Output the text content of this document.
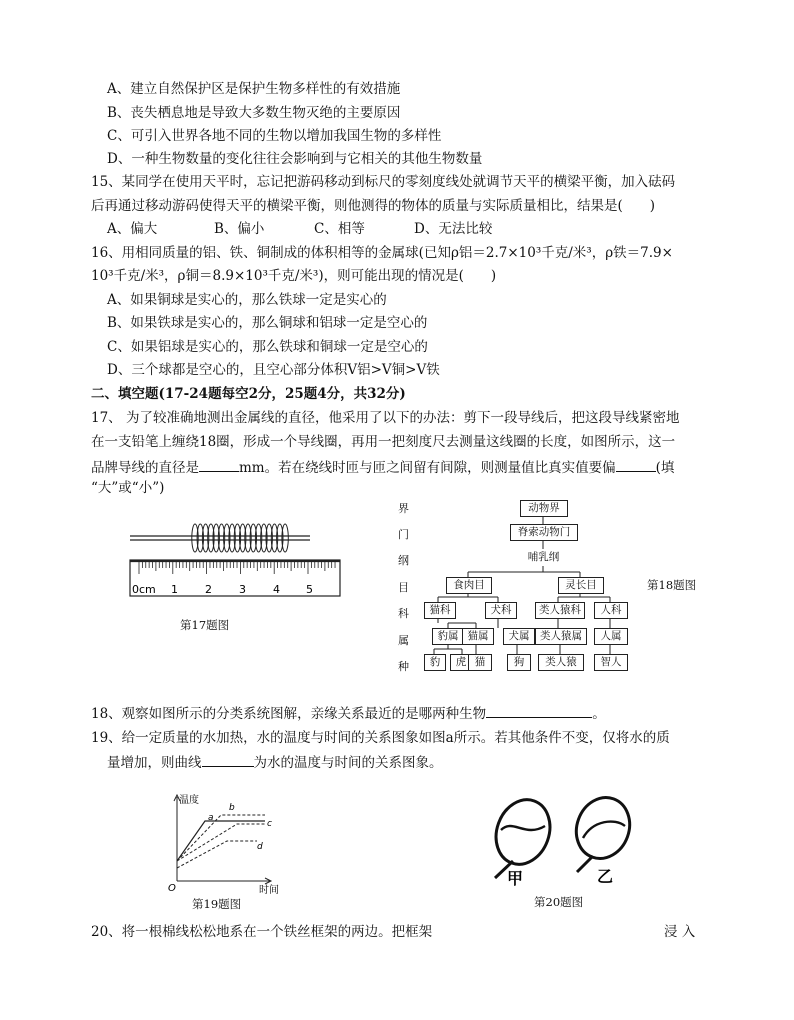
A、建立自然保护区是保护生物多样性的有效措施
B、丧失栖息地是导致大多数生物灭绝的主要原因
C、可引入世界各地不同的生物以增加我国生物的多样性
D、一种生物数量的变化往往会影响到与它相关的其他生物数量
15、某同学在使用天平时，忘记把游码移动到标尺的零刻度线处就调节天平的横梁平衡，加入砝码
后再通过移动游码使得天平的横梁平衡，则他测得的物体的质量与实际质量相比，结果是(　　)
A、偏大	B、偏小	C、相等	D、无法比较
16、用相同质量的铝、铁、铜制成的体积相等的金属球(已知ρ铝＝2.7×10³千克/米³，ρ铁＝7.9×
10³千克/米³，ρ铜＝8.9×10³千克/米³)，则可能出现的情况是(　　)
A、如果铜球是实心的，那么铁球一定是实心的
B、如果铁球是实心的，那么铜球和铝球一定是空心的
C、如果铝球是实心的，那么铁球和铜球一定是空心的
D、三个球都是空心的，且空心部分体积V铝>V铜>V铁
二、填空题(17-24题每空2分，25题4分，共32分)
17、 为了较准确地测出金属线的直径，他采用了以下的办法：剪下一段导线后，把这段导线紧密地
在一支铅笔上缠绕18圈，形成一个导线圈，再用一把刻度尺去测量这线圈的长度，如图所示，这一
品牌导线的直径是	mm。若在绕线时匝与匝之间留有间隙，则测量值比真实值要偏	(填
“大”或“小”)
0cm 1 2 3 4 5
第17题图
界
门
纲
目
科
属
种
动物界
脊索动物门
哺乳纲
食肉目	灵长目
猫科	犬科	类人猿科	人科
豹属 猫属	犬属	类人猿属	人属
豹	虎 猫	狗	类人猿	智人
第18题图
18、观察如图所示的分类系统图解，亲缘关系最近的是哪两种生物	。
19、给一定质量的水加热，水的温度与时间的关系图象如图a所示。若其他条件不变，仅将水的质
量增加，则曲线	为水的温度与时间的关系图象。
温度
时间
O
a
b
c
d
第19题图
甲	乙
第20题图
20、将一根棉线松松地系在一个铁丝框架的两边。把框架	浸 入
